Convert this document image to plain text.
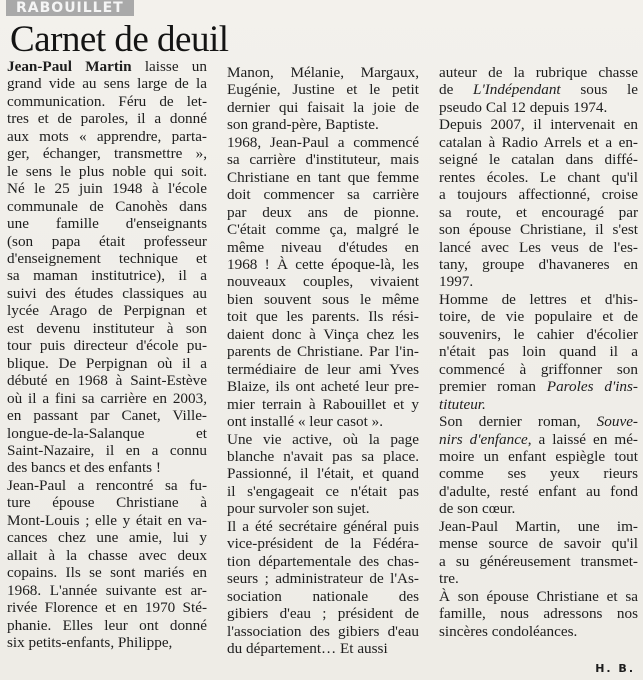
RABOUILLET
Carnet de deuil

Jean-Paul Martin laisse un
grand vide au sens large de la
communication. Féru de let-
tres et de paroles, il a donné
aux mots « apprendre, parta-
ger, échanger, transmettre »,
le sens le plus noble qui soit.
Né le 25 juin 1948 à l'école
communale de Canohès dans
une famille d'enseignants
(son papa était professeur
d'enseignement technique et
sa maman institutrice), il a
suivi des études classiques au
lycée Arago de Perpignan et
est devenu instituteur à son
tour puis directeur d'école pu-
blique. De Perpignan où il a
débuté en 1968 à Saint-Estève
où il a fini sa carrière en 2003,
en passant par Canet, Ville-
longue-de-la-Salanque et
Saint-Nazaire, il en a connu
des bancs et des enfants !

Jean-Paul a rencontré sa fu-
ture épouse Christiane à
Mont-Louis ; elle y était en va-
cances chez une amie, lui y
allait à la chasse avec deux
copains. Ils se sont mariés en
1968. L'année suivante est ar-
rivée Florence et en 1970 Sté-
phanie. Elles leur ont donné
six petits-enfants, Philippe,

Manon, Mélanie, Margaux,
Eugénie, Justine et le petit
dernier qui faisait la joie de
son grand-père, Baptiste.

1968, Jean-Paul a commencé
sa carrière d'instituteur, mais
Christiane en tant que femme
doit commencer sa carrière
par deux ans de pionne.
C'était comme ça, malgré le
même niveau d'études en
1968 ! À cette époque-là, les
nouveaux couples, vivaient
bien souvent sous le même
toit que les parents. Ils rési-
daient donc à Vinça chez les
parents de Christiane. Par l'in-
termédiaire de leur ami Yves
Blaize, ils ont acheté leur pre-
mier terrain à Rabouillet et y
ont installé « leur casot ».

Une vie active, où la page
blanche n'avait pas sa place.
Passionné, il l'était, et quand
il s'engageait ce n'était pas
pour survoler son sujet.

Il a été secrétaire général puis
vice-président de la Fédéra-
tion départementale des chas-
seurs ; administrateur de l'As-
sociation nationale des
gibiers d'eau ; président de
l'association des gibiers d'eau
du département… Et aussi

auteur de la rubrique chasse
de L'Indépendant sous le
pseudo Cal 12 depuis 1974.

Depuis 2007, il intervenait en
catalan à Radio Arrels et a en-
seigné le catalan dans diffé-
rentes écoles. Le chant qu'il
a toujours affectionné, croise
sa route, et encouragé par
son épouse Christiane, il s'est
lancé avec Les veus de l'es-
tany, groupe d'havaneres en
1997.

Homme de lettres et d'his-
toire, de vie populaire et de
souvenirs, le cahier d'écolier
n'était pas loin quand il a
commencé à griffonner son
premier roman Paroles d'ins-
tituteur.

Son dernier roman, Souve-
nirs d'enfance, a laissé en mé-
moire un enfant espiègle tout
comme ses yeux rieurs
d'adulte, resté enfant au fond
de son cœur.

Jean-Paul Martin, une im-
mense source de savoir qu'il
a su généreusement transmet-
tre.

À son épouse Christiane et sa
famille, nous adressons nos
sincères condoléances.

H. B.
